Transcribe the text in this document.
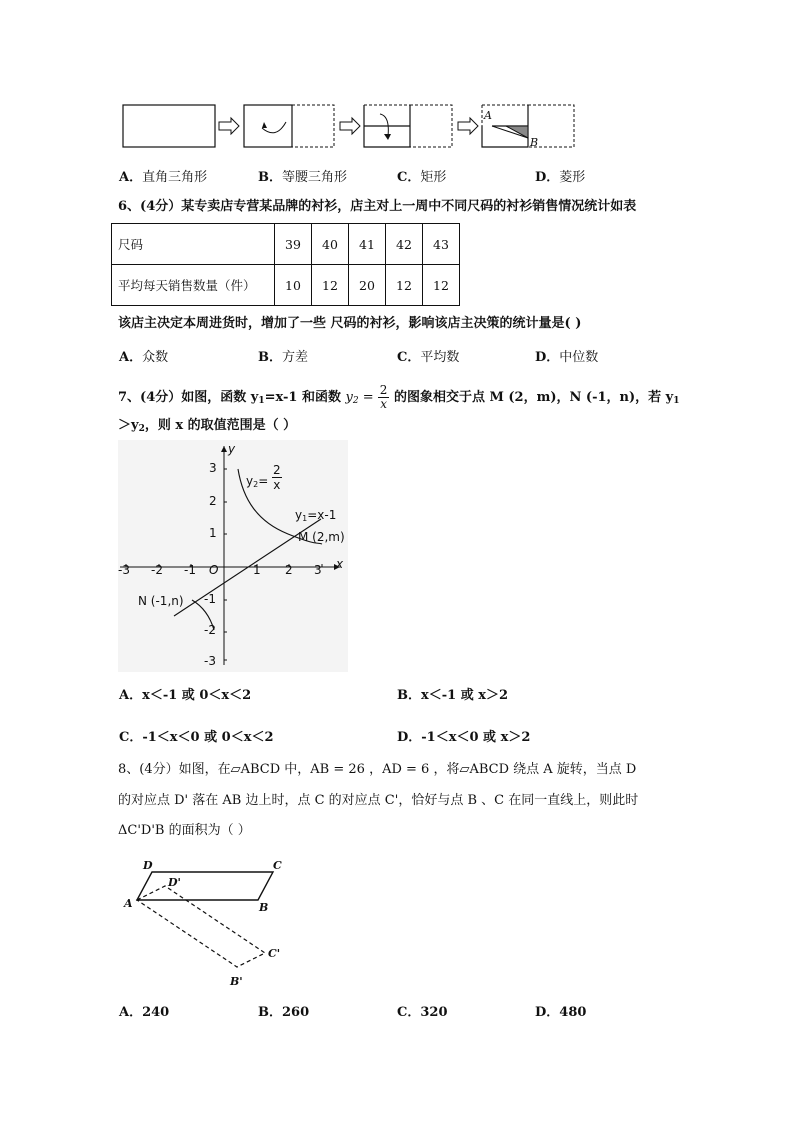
A
B
A．直角三角形	B．等腰三角形	C．矩形	D．菱形
6、(4分）某专卖店专营某品牌的衬衫，店主对上一周中不同尺码的衬衫销售情况统计如表
尺码	39	40	41	42	43
平均每天销售数量（件）	10	12	20	12	12
该店主决定本周进货时，增加了一些 尺码的衬衫，影响该店主决策的统计量是( )
A．众数	B．方差	C．平均数	D．中位数
7、(4分）如图，函数 $y_1=x-1$ 和函数 $y_2 = \frac{2}{x}$ 的图象相交于点 M (2，m)，N (-1，n)，若 $y_1$
$>y_2$，则 x 的取值范围是（ ）
-3 -2 -1	1 2 3
3
2
1
-1
-2
-3
O	x
y
y2=
2
x
y1=x-1
M (2,m)
N (-1,n)
A．x＜-1 或 0＜x＜2	B．x＜-1 或 x＞2
C．-1＜x＜0 或 0＜x＜2	D．-1＜x＜0 或 x＞2
8、(4分）如图，在▱ABCD 中，AB = 26 ，AD = 6 ，将▱ABCD 绕点 A 旋转，当点 D
的对应点 D' 落在 AB 边上时，点 C 的对应点 C'，恰好与点 B 、C 在同一直线上，则此时
ΔC'D'B 的面积为（ ）
D	C
A	B
D'
C'
B'
A．240	B．260	C．320	D．480
